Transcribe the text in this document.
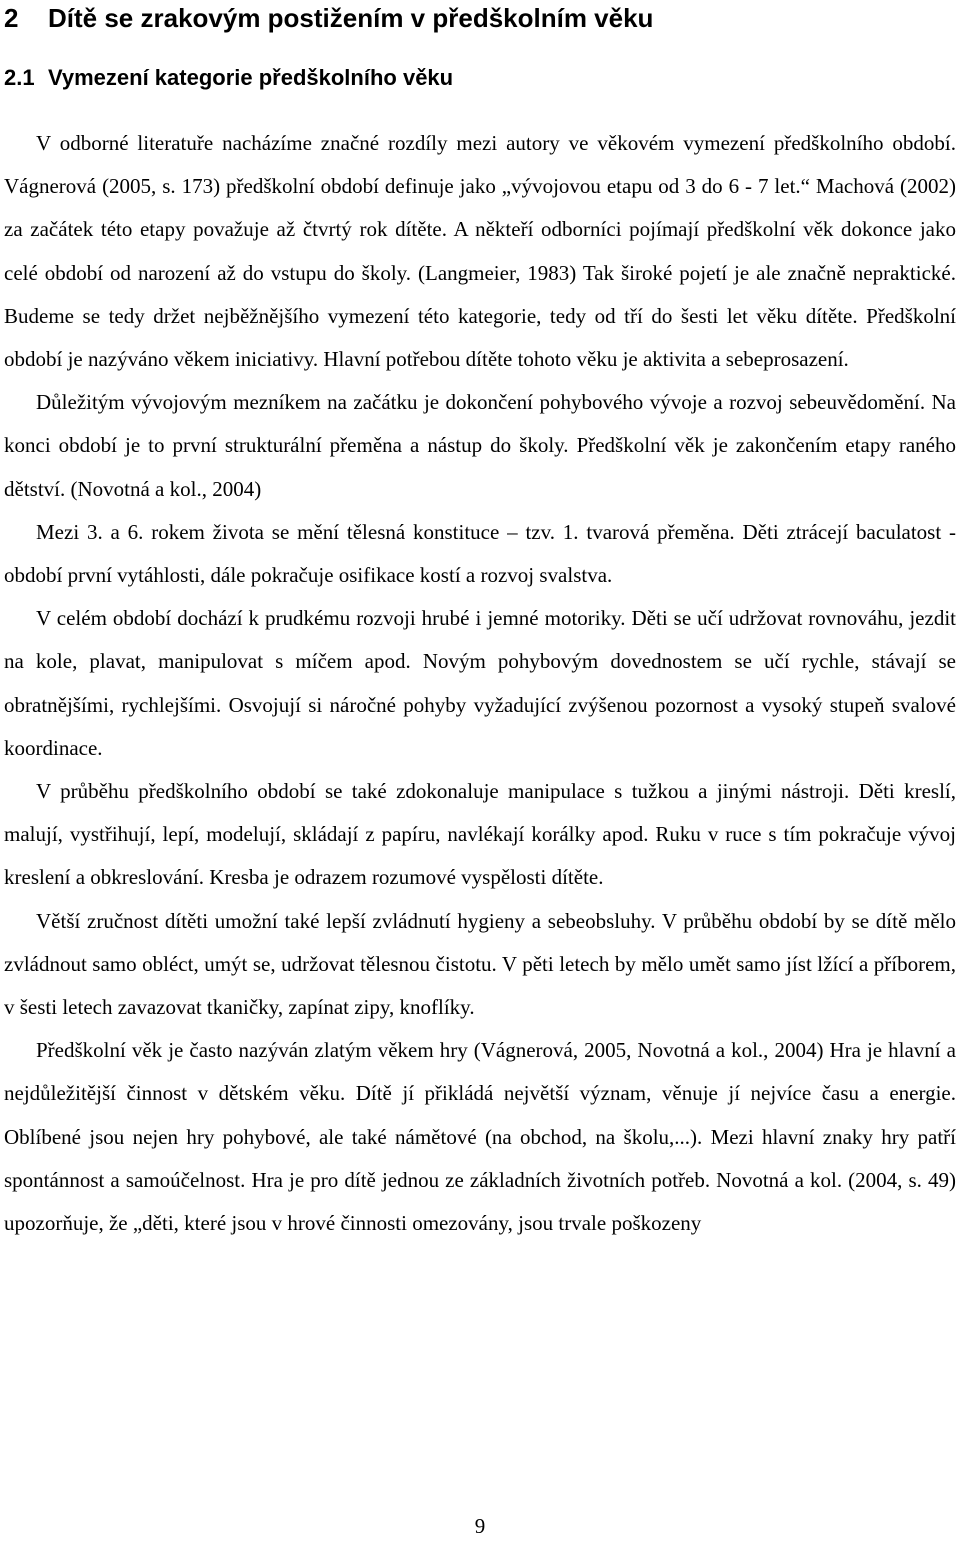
2 Dítě se zrakovým postižením v předškolním věku
2.1 Vymezení kategorie předškolního věku

V odborné literatuře nacházíme značné rozdíly mezi autory ve věkovém vymezení předškolního období. Vágnerová (2005, s. 173) předškolní období definuje jako „vývojovou etapu od 3 do 6 - 7 let.“ Machová (2002) za začátek této etapy považuje až čtvrtý rok dítěte. A někteří odborníci pojímají předškolní věk dokonce jako celé období od narození až do vstupu do školy. (Langmeier, 1983) Tak široké pojetí je ale značně nepraktické. Budeme se tedy držet nejběžnějšího vymezení této kategorie, tedy od tří do šesti let věku dítěte. Předškolní období je nazýváno věkem iniciativy. Hlavní potřebou dítěte tohoto věku je aktivita a sebeprosazení.

Důležitým vývojovým mezníkem na začátku je dokončení pohybového vývoje a rozvoj sebeuvědomění. Na konci období je to první strukturální přeměna a nástup do školy. Předškolní věk je zakončením etapy raného dětství. (Novotná a kol., 2004)

Mezi 3. a 6. rokem života se mění tělesná konstituce – tzv. 1. tvarová přeměna. Děti ztrácejí baculatost - období první vytáhlosti, dále pokračuje osifikace kostí a rozvoj svalstva.

V celém období dochází k prudkému rozvoji hrubé i jemné motoriky. Děti se učí udržovat rovnováhu, jezdit na kole, plavat, manipulovat s míčem apod. Novým pohybovým dovednostem se učí rychle, stávají se obratnějšími, rychlejšími. Osvojují si náročné pohyby vyžadující zvýšenou pozornost a vysoký stupeň svalové koordinace.

V průběhu předškolního období se také zdokonaluje manipulace s tužkou a jinými nástroji. Děti kreslí, malují, vystřihují, lepí, modelují, skládají z papíru, navlékají korálky apod. Ruku v ruce s tím pokračuje vývoj kreslení a obkreslování. Kresba je odrazem rozumové vyspělosti dítěte.

Větší zručnost dítěti umožní také lepší zvládnutí hygieny a sebeobsluhy. V průběhu období by se dítě mělo zvládnout samo obléct, umýt se, udržovat tělesnou čistotu. V pěti letech by mělo umět samo jíst lžící a příborem, v šesti letech zavazovat tkaničky, zapínat zipy, knoflíky.

Předškolní věk je často nazýván zlatým věkem hry (Vágnerová, 2005, Novotná a kol., 2004) Hra je hlavní a nejdůležitější činnost v dětském věku. Dítě jí přikládá největší význam, věnuje jí nejvíce času a energie. Oblíbené jsou nejen hry pohybové, ale také námětové (na obchod, na školu,...). Mezi hlavní znaky hry patří spontánnost a samoúčelnost. Hra je pro dítě jednou ze základních životních potřeb. Novotná a kol. (2004, s. 49) upozorňuje, že „děti, které jsou v hrové činnosti omezovány, jsou trvale poškozeny

9
